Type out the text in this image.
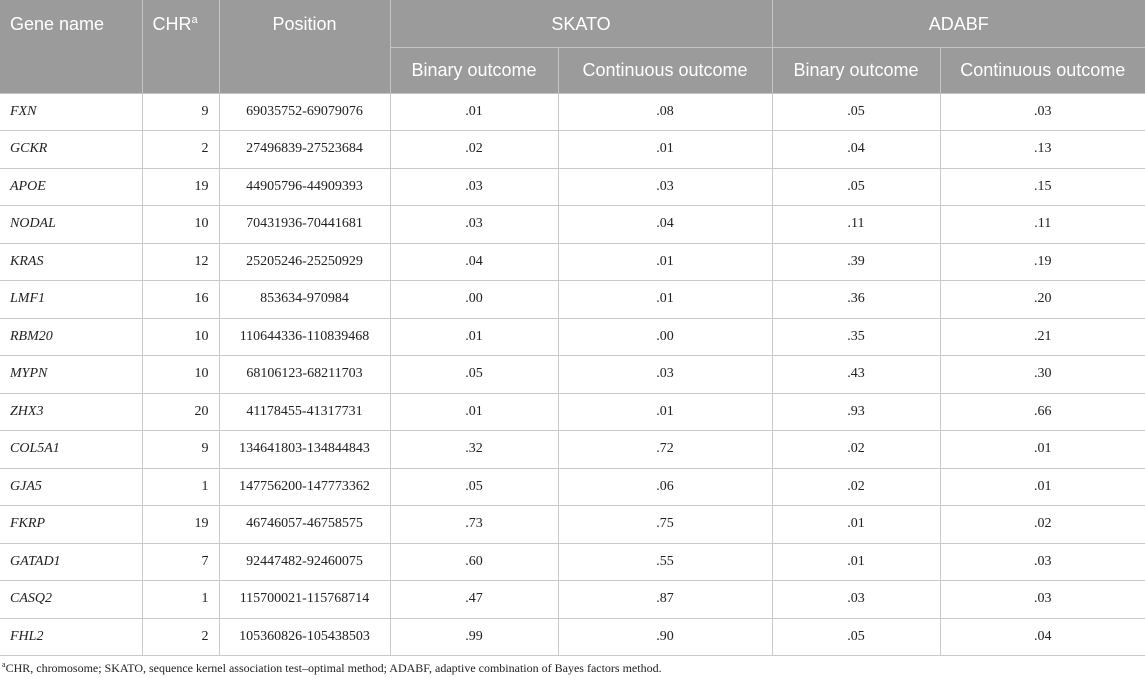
Gene name	CHR$^a$	Position	SKATO		ADABF	
			Binary outcome	Continuous outcome	Binary outcome	Continuous outcome
FXN	9	69035752-69079076	.01	.08	.05	.03
GCKR	2	27496839-27523684	.02	.01	.04	.13
APOE	19	44905796-44909393	.03	.03	.05	.15
NODAL	10	70431936-70441681	.03	.04	.11	.11
KRAS	12	25205246-25250929	.04	.01	.39	.19
LMF1	16	853634-970984	.00	.01	.36	.20
RBM20	10	110644336-110839468	.01	.00	.35	.21
MYPN	10	68106123-68211703	.05	.03	.43	.30
ZHX3	20	41178455-41317731	.01	.01	.93	.66
COL5A1	9	134641803-134844843	.32	.72	.02	.01
GJA5	1	147756200-147773362	.05	.06	.02	.01
FKRP	19	46746057-46758575	.73	.75	.01	.02
GATAD1	7	92447482-92460075	.60	.55	.01	.03
CASQ2	1	115700021-115768714	.47	.87	.03	.03
FHL2	2	105360826-105438503	.99	.90	.05	.04
$^a$CHR, chromosome; SKATO, sequence kernel association test–optimal method; ADABF, adaptive combination of Bayes factors method.
